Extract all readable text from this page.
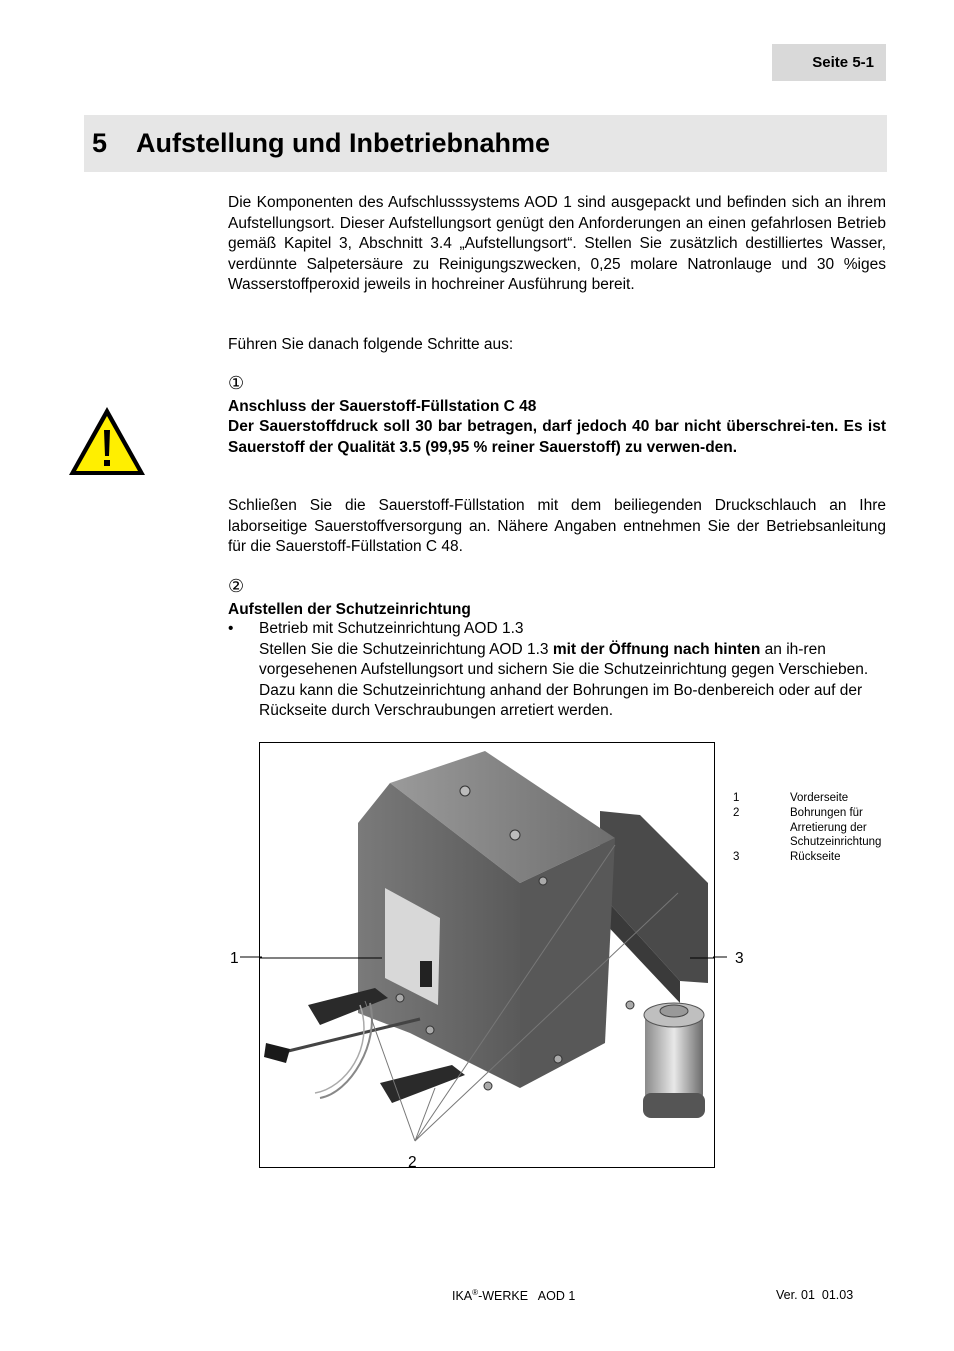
Seite 5-1
5	Aufstellung und Inbetriebnahme
Die Komponenten des Aufschlusssystems AOD 1 sind ausgepackt und befinden sich an ihrem Aufstellungsort. Dieser Aufstellungsort genügt den Anforderungen an einen gefahrlosen Betrieb gemäß Kapitel 3, Abschnitt 3.4 „Aufstellungsort“. Stellen Sie zusätzlich destilliertes Wasser, verdünnte Salpetersäure zu Reinigungszwecken, 0,25 molare Natronlauge und 30 %iges Wasserstoffperoxid jeweils in hochreiner Ausführung bereit.
Führen Sie danach folgende Schritte aus:
①
Anschluss der Sauerstoff-Füllstation C 48
Der Sauerstoffdruck soll 30 bar betragen, darf jedoch 40 bar nicht überschrei-ten. Es ist Sauerstoff der Qualität 3.5 (99,95 % reiner Sauerstoff) zu verwen-den.
Schließen Sie die Sauerstoff-Füllstation mit dem beiliegenden Druckschlauch an Ihre laborseitige Sauerstoffversorgung an. Nähere Angaben entnehmen Sie der Betriebsanleitung für die Sauerstoff-Füllstation C 48.
②
Aufstellen der Schutzeinrichtung
• Betrieb mit Schutzeinrichtung AOD 1.3
Stellen Sie die Schutzeinrichtung AOD 1.3 mit der Öffnung nach hinten an ih-ren vorgesehenen Aufstellungsort und sichern Sie die Schutzeinrichtung gegen Verschieben. Dazu kann die Schutzeinrichtung anhand der Bohrungen im Bo-denbereich oder auf der Rückseite durch Verschraubungen arretiert werden.
1	3
2
1	Vorderseite
2	Bohrungen für Arretierung der Schutzeinrichtung
3	Rückseite
IKA®-WERKE   AOD 1	Ver. 01  01.03
